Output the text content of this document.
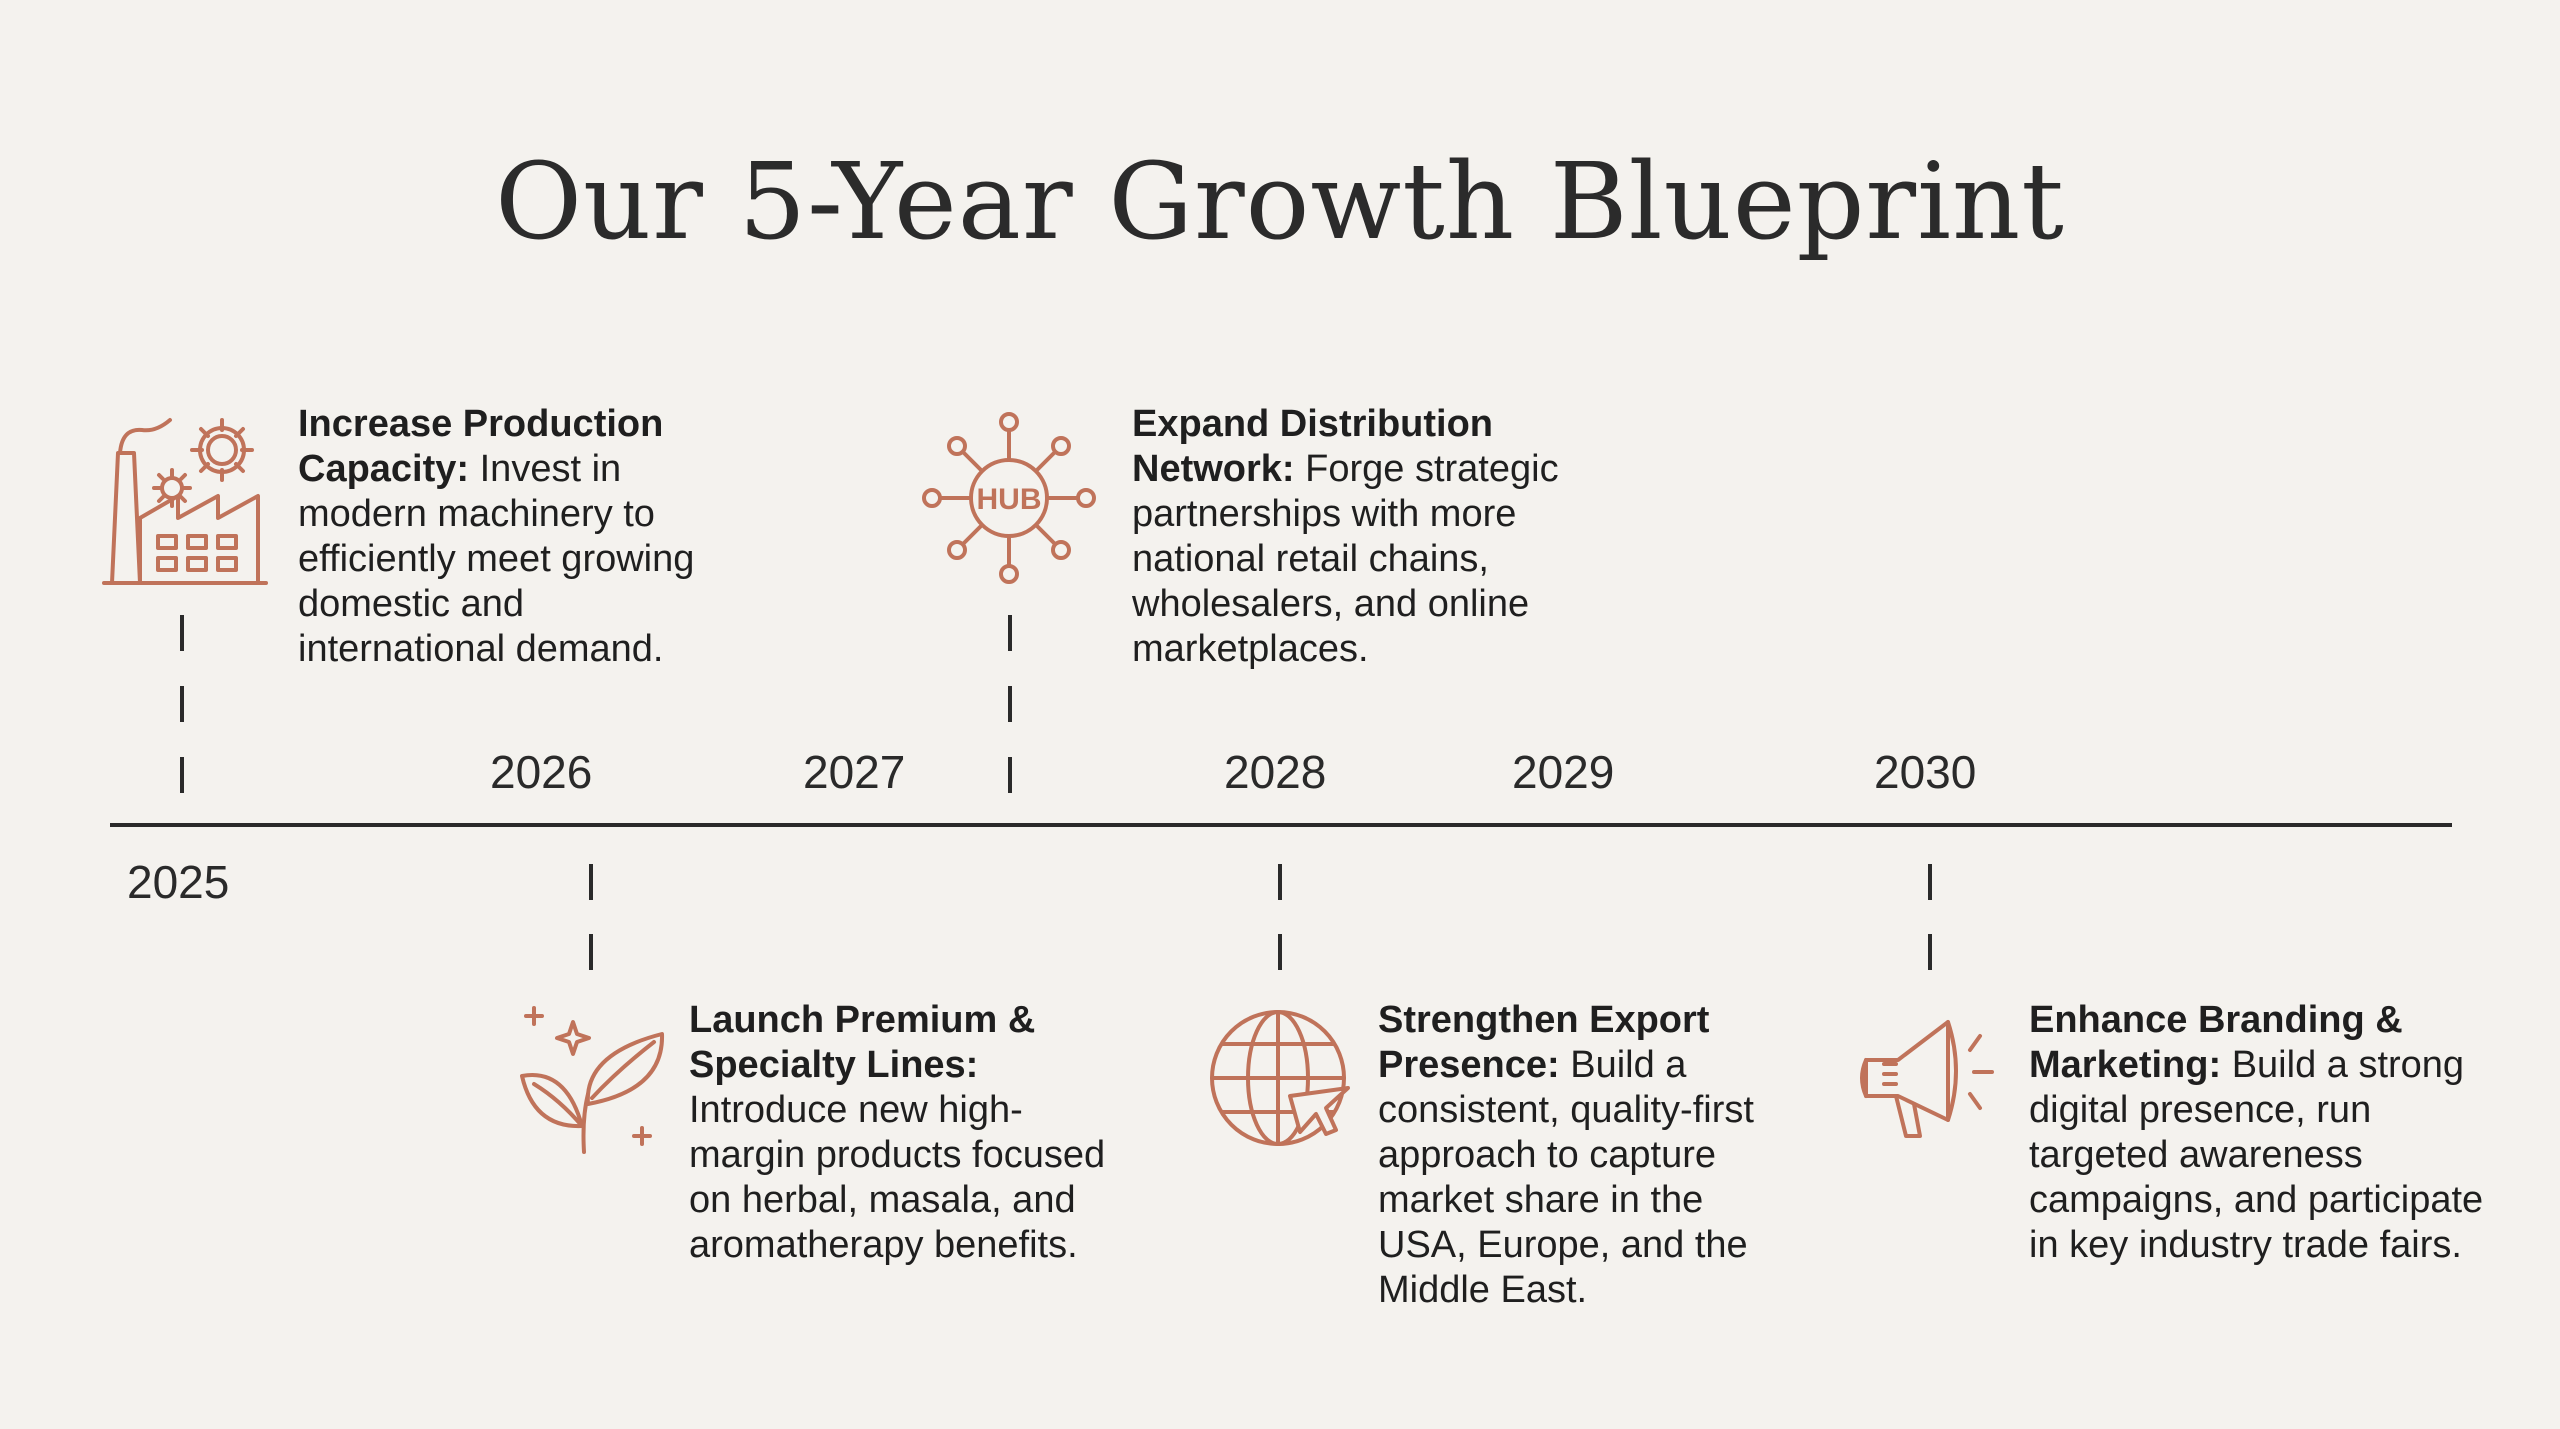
Our 5-Year Growth Blueprint
2025
2026	2027	2028	2029	2030
HUB
Increase Production Capacity: Invest in modern machinery to efficiently meet growing domestic and international demand.
Expand Distribution Network: Forge strategic partnerships with more national retail chains, wholesalers, and online marketplaces.
Launch Premium & Specialty Lines: Introduce new high-margin products focused on herbal, masala, and aromatherapy benefits.
Strengthen Export Presence: Build a consistent, quality-first approach to capture market share in the USA, Europe, and the Middle East.
Enhance Branding & Marketing: Build a strong digital presence, run targeted awareness campaigns, and participate in key industry trade fairs.
